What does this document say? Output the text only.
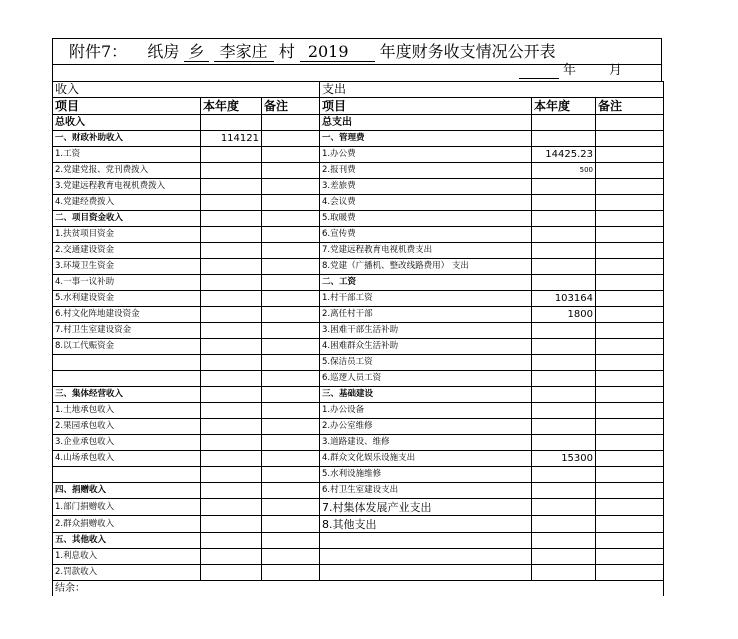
附件7： 纸房 乡 李家庄 村 2019 年度财务收支情况公开表
年	月
收入			支出		
项目	本年度	备注	项目	本年度	备注
总收入			总支出		
一、财政补助收入	114121		一、管理费		
1.工资			1.办公费	14425.23	
2.党建党报、党刊费拨入			2.报刊费	500	
3.党建远程教育电视机费拨入			3.差旅费		
4.党建经费拨入			4.会议费		
二、项目资金收入			5.取暖费		
1.扶贫项目资金			6.宣传费		
2.交通建设资金			7.党建远程教育电视机费支出		
3.环境卫生资金			8.党建（广播机、整改线路费用） 支出		
4.一事一议补助			二、工资		
5.水利建设资金			1.村干部工资	103164	
6.村文化阵地建设资金			2.离任村干部	1800	
7.村卫生室建设资金			3.困难干部生活补助		
8.以工代赈资金			4.困难群众生活补助		
			5.保洁员工资		
			6.巡逻人员工资		
三、集体经营收入			三、基础建设		
1.土地承包收入			1.办公设备		
2.果园承包收入			2.办公室维修		
3.企业承包收入			3.道路建设、维修		
4.山场承包收入			4.群众文化娱乐设施支出	15300	
			5.水利设施维修		
四、捐赠收入			6.村卫生室建设支出		
1.部门捐赠收入			7.村集体发展产业支出		
2.群众捐赠收入			8.其他支出		
五、其他收入					
1.利息收入					
2.罚款收入					
结余：					
